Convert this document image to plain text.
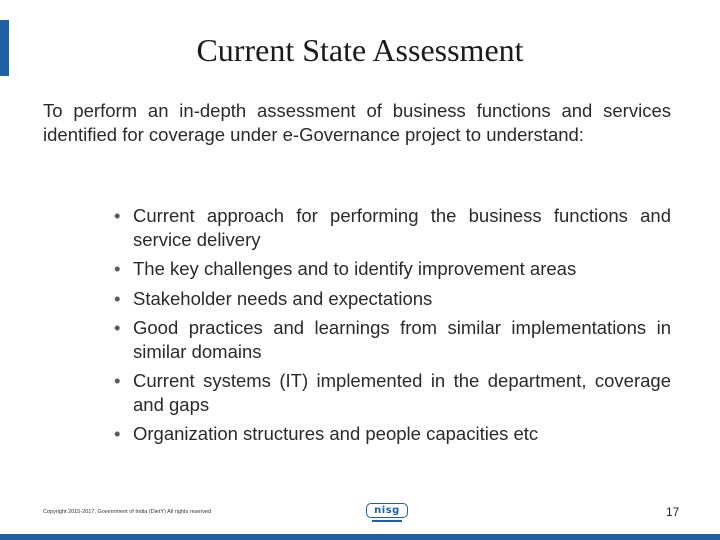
Current State Assessment
To perform an in-depth assessment of business functions and services identified for coverage under e-Governance project to understand:
• Current approach for performing the business functions and service delivery
• The key challenges and to identify improvement areas
• Stakeholder needs and expectations
• Good practices and learnings from similar implementations in similar domains
• Current systems (IT) implemented in the department, coverage and gaps
• Organization structures and people capacities etc
Copyright 2015-2017, Government of India (DietY) All rights reserved	nisg	17
